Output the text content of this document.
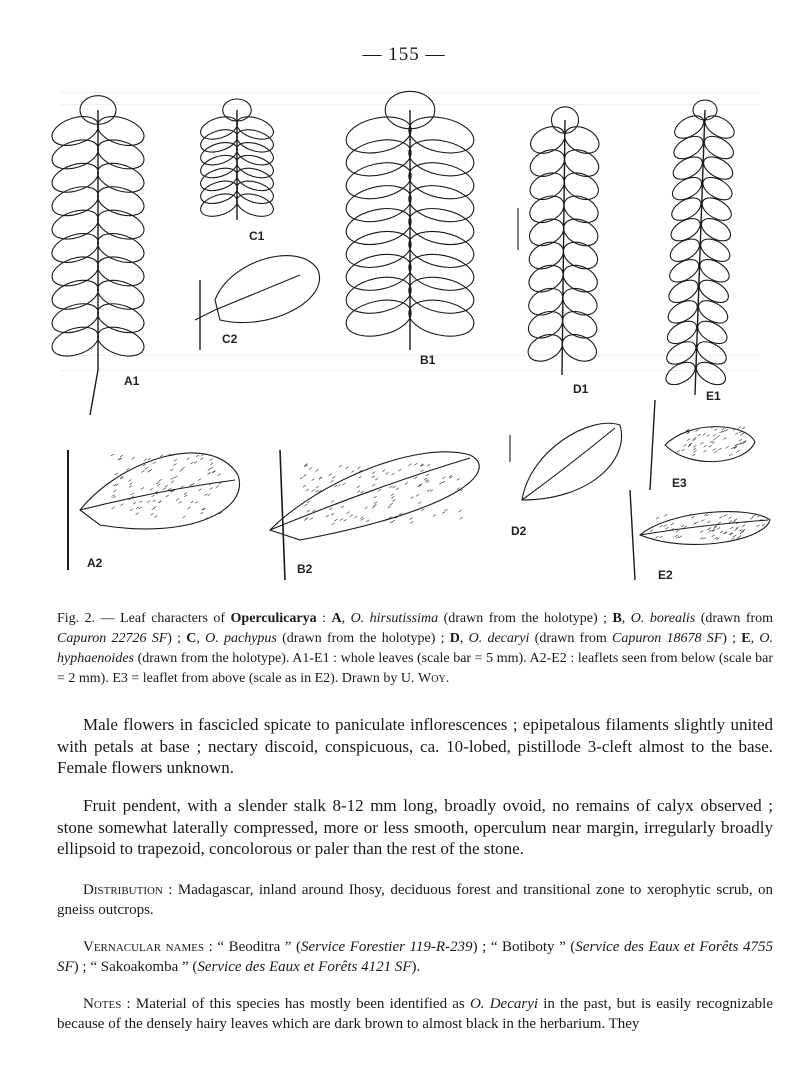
— 155 —
A1
A2
C1
C2
B1
B2
D1
D2
E1
E3
E2
Fig. 2. — Leaf characters of Operculicarya : A, O. hirsutissima (drawn from the holotype) ; B, O. borealis (drawn from Capuron 22726 SF) ; C, O. pachypus (drawn from the holotype) ; D, O. decaryi (drawn from Capuron 18678 SF) ; E, O. hyphaenoides (drawn from the holotype). A1-E1 : whole leaves (scale bar = 5 mm). A2-E2 : leaflets seen from below (scale bar = 2 mm). E3 = leaflet from above (scale as in E2). Drawn by U. Woy.

Male flowers in fascicled spicate to paniculate inflorescences ; epipetalous filaments slightly united with petals at base ; nectary discoid, conspicuous, ca. 10-lobed, pistillode 3-cleft almost to the base. Female flowers unknown.

Fruit pendent, with a slender stalk 8-12 mm long, broadly ovoid, no remains of calyx observed ; stone somewhat laterally compressed, more or less smooth, operculum near margin, irregularly broadly ellipsoid to trapezoid, concolorous or paler than the rest of the stone.

Distribution : Madagascar, inland around Ihosy, deciduous forest and transitional zone to xerophytic scrub, on gneiss outcrops.

Vernacular names : “ Beoditra ” (Service Forestier 119-R-239) ; “ Botiboty ” (Service des Eaux et Forêts 4755 SF) ; “ Sakoakomba ” (Service des Eaux et Forêts 4121 SF).

Notes : Material of this species has mostly been identified as O. Decaryi in the past, but is easily recognizable because of the densely hairy leaves which are dark brown to almost black in the herbarium. They
